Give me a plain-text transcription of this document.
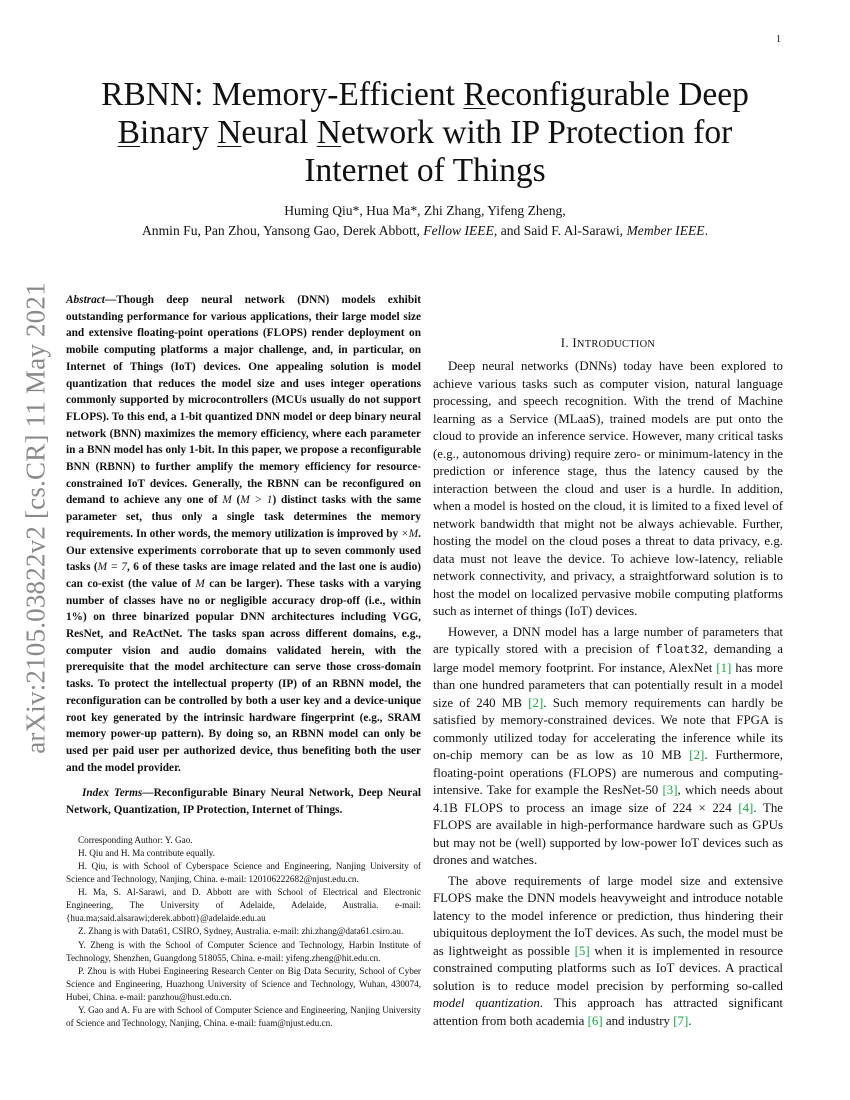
1
arXiv:2105.03822v2 [cs.CR] 11 May 2021
RBNN: Memory-Efficient Reconfigurable Deep
Binary Neural Network with IP Protection for
Internet of Things
Huming Qiu*, Hua Ma*, Zhi Zhang, Yifeng Zheng,
Anmin Fu, Pan Zhou, Yansong Gao, Derek Abbott, Fellow IEEE, and Said F. Al-Sarawi, Member IEEE.

Abstract—Though deep neural network (DNN) models exhibit outstanding performance for various applications, their large model size and extensive floating-point operations (FLOPS) render deployment on mobile computing platforms a major challenge, and, in particular, on Internet of Things (IoT) devices. One appealing solution is model quantization that reduces the model size and uses integer operations commonly supported by microcontrollers (MCUs usually do not support FLOPS). To this end, a 1-bit quantized DNN model or deep binary neural network (BNN) maximizes the memory efficiency, where each parameter in a BNN model has only 1-bit. In this paper, we propose a reconfigurable BNN (RBNN) to further amplify the memory efficiency for resource-constrained IoT devices. Generally, the RBNN can be reconfigured on demand to achieve any one of M (M > 1) distinct tasks with the same parameter set, thus only a single task determines the memory requirements. In other words, the memory utilization is improved by ×M. Our extensive experiments corroborate that up to seven commonly used tasks (M = 7, 6 of these tasks are image related and the last one is audio) can co-exist (the value of M can be larger). These tasks with a varying number of classes have no or negligible accuracy drop-off (i.e., within 1%) on three binarized popular DNN architectures including VGG, ResNet, and ReActNet. The tasks span across different domains, e.g., computer vision and audio domains validated herein, with the prerequisite that the model architecture can serve those cross-domain tasks. To protect the intellectual property (IP) of an RBNN model, the reconfiguration can be controlled by both a user key and a device-unique root key generated by the intrinsic hardware fingerprint (e.g., SRAM memory power-up pattern). By doing so, an RBNN model can only be used per paid user per authorized device, thus benefiting both the user and the model provider.

Index Terms—Reconfigurable Binary Neural Network, Deep Neural Network, Quantization, IP Protection, Internet of Things.

Corresponding Author: Y. Gao.

H. Qiu and H. Ma contribute equally.

H. Qiu, is with School of Cyberspace Science and Engineering, Nanjing University of Science and Technology, Nanjing, China. e-mail: 120106222682@njust.edu.cn.

H. Ma, S. Al-Sarawi, and D. Abbott are with School of Electrical and Electronic Engineering, The University of Adelaide, Adelaide, Australia. e-mail: {hua.ma;said.alsarawi;derek.abbott}@adelaide.edu.au

Z. Zhang is with Data61, CSIRO, Sydney, Australia. e-mail: zhi.zhang@data61.csiro.au.

Y. Zheng is with the School of Computer Science and Technology, Harbin Institute of Technology, Shenzhen, Guangdong 518055, China. e-mail: yifeng.zheng@hit.edu.cn.

P. Zhou is with Hubei Engineering Research Center on Big Data Security, School of Cyber Science and Engineering, Huazhong University of Science and Technology, Wuhan, 430074, Hubei, China. e-mail: panzhou@hust.edu.cn.

Y. Gao and A. Fu are with School of Computer Science and Engineering, Nanjing University of Science and Technology, Nanjing, China. e-mail: fuam@njust.edu.cn.

I. INTRODUCTION

Deep neural networks (DNNs) today have been explored to achieve various tasks such as computer vision, natural language processing, and speech recognition. With the trend of Machine learning as a Service (MLaaS), trained models are put onto the cloud to provide an inference service. However, many critical tasks (e.g., autonomous driving) require zero- or minimum-latency in the prediction or inference stage, thus the latency caused by the interaction between the cloud and user is a hurdle. In addition, when a model is hosted on the cloud, it is limited to a fixed level of network bandwidth that might not be always achievable. Further, hosting the model on the cloud poses a threat to data privacy, e.g. data must not leave the device. To achieve low-latency, reliable network connectivity, and privacy, a straightforward solution is to host the model on localized pervasive mobile computing platforms such as internet of things (IoT) devices.

However, a DNN model has a large number of parameters that are typically stored with a precision of float32, demanding a large model memory footprint. For instance, AlexNet [1] has more than one hundred parameters that can potentially result in a model size of 240 MB [2]. Such memory requirements can hardly be satisfied by memory-constrained devices. We note that FPGA is commonly utilized today for accelerating the inference while its on-chip memory can be as low as 10 MB [2]. Furthermore, floating-point operations (FLOPS) are numerous and computing-intensive. Take for example the ResNet-50 [3], which needs about 4.1B FLOPS to process an image size of 224 × 224 [4]. The FLOPS are available in high-performance hardware such as GPUs but may not be (well) supported by low-power IoT devices such as drones and watches.

The above requirements of large model size and extensive FLOPS make the DNN models heavyweight and introduce notable latency to the model inference or prediction, thus hindering their ubiquitous deployment the IoT devices. As such, the model must be as lightweight as possible [5] when it is implemented in resource constrained computing platforms such as IoT devices. A practical solution is to reduce model precision by performing so-called model quantization. This approach has attracted significant attention from both academia [6] and industry [7].
